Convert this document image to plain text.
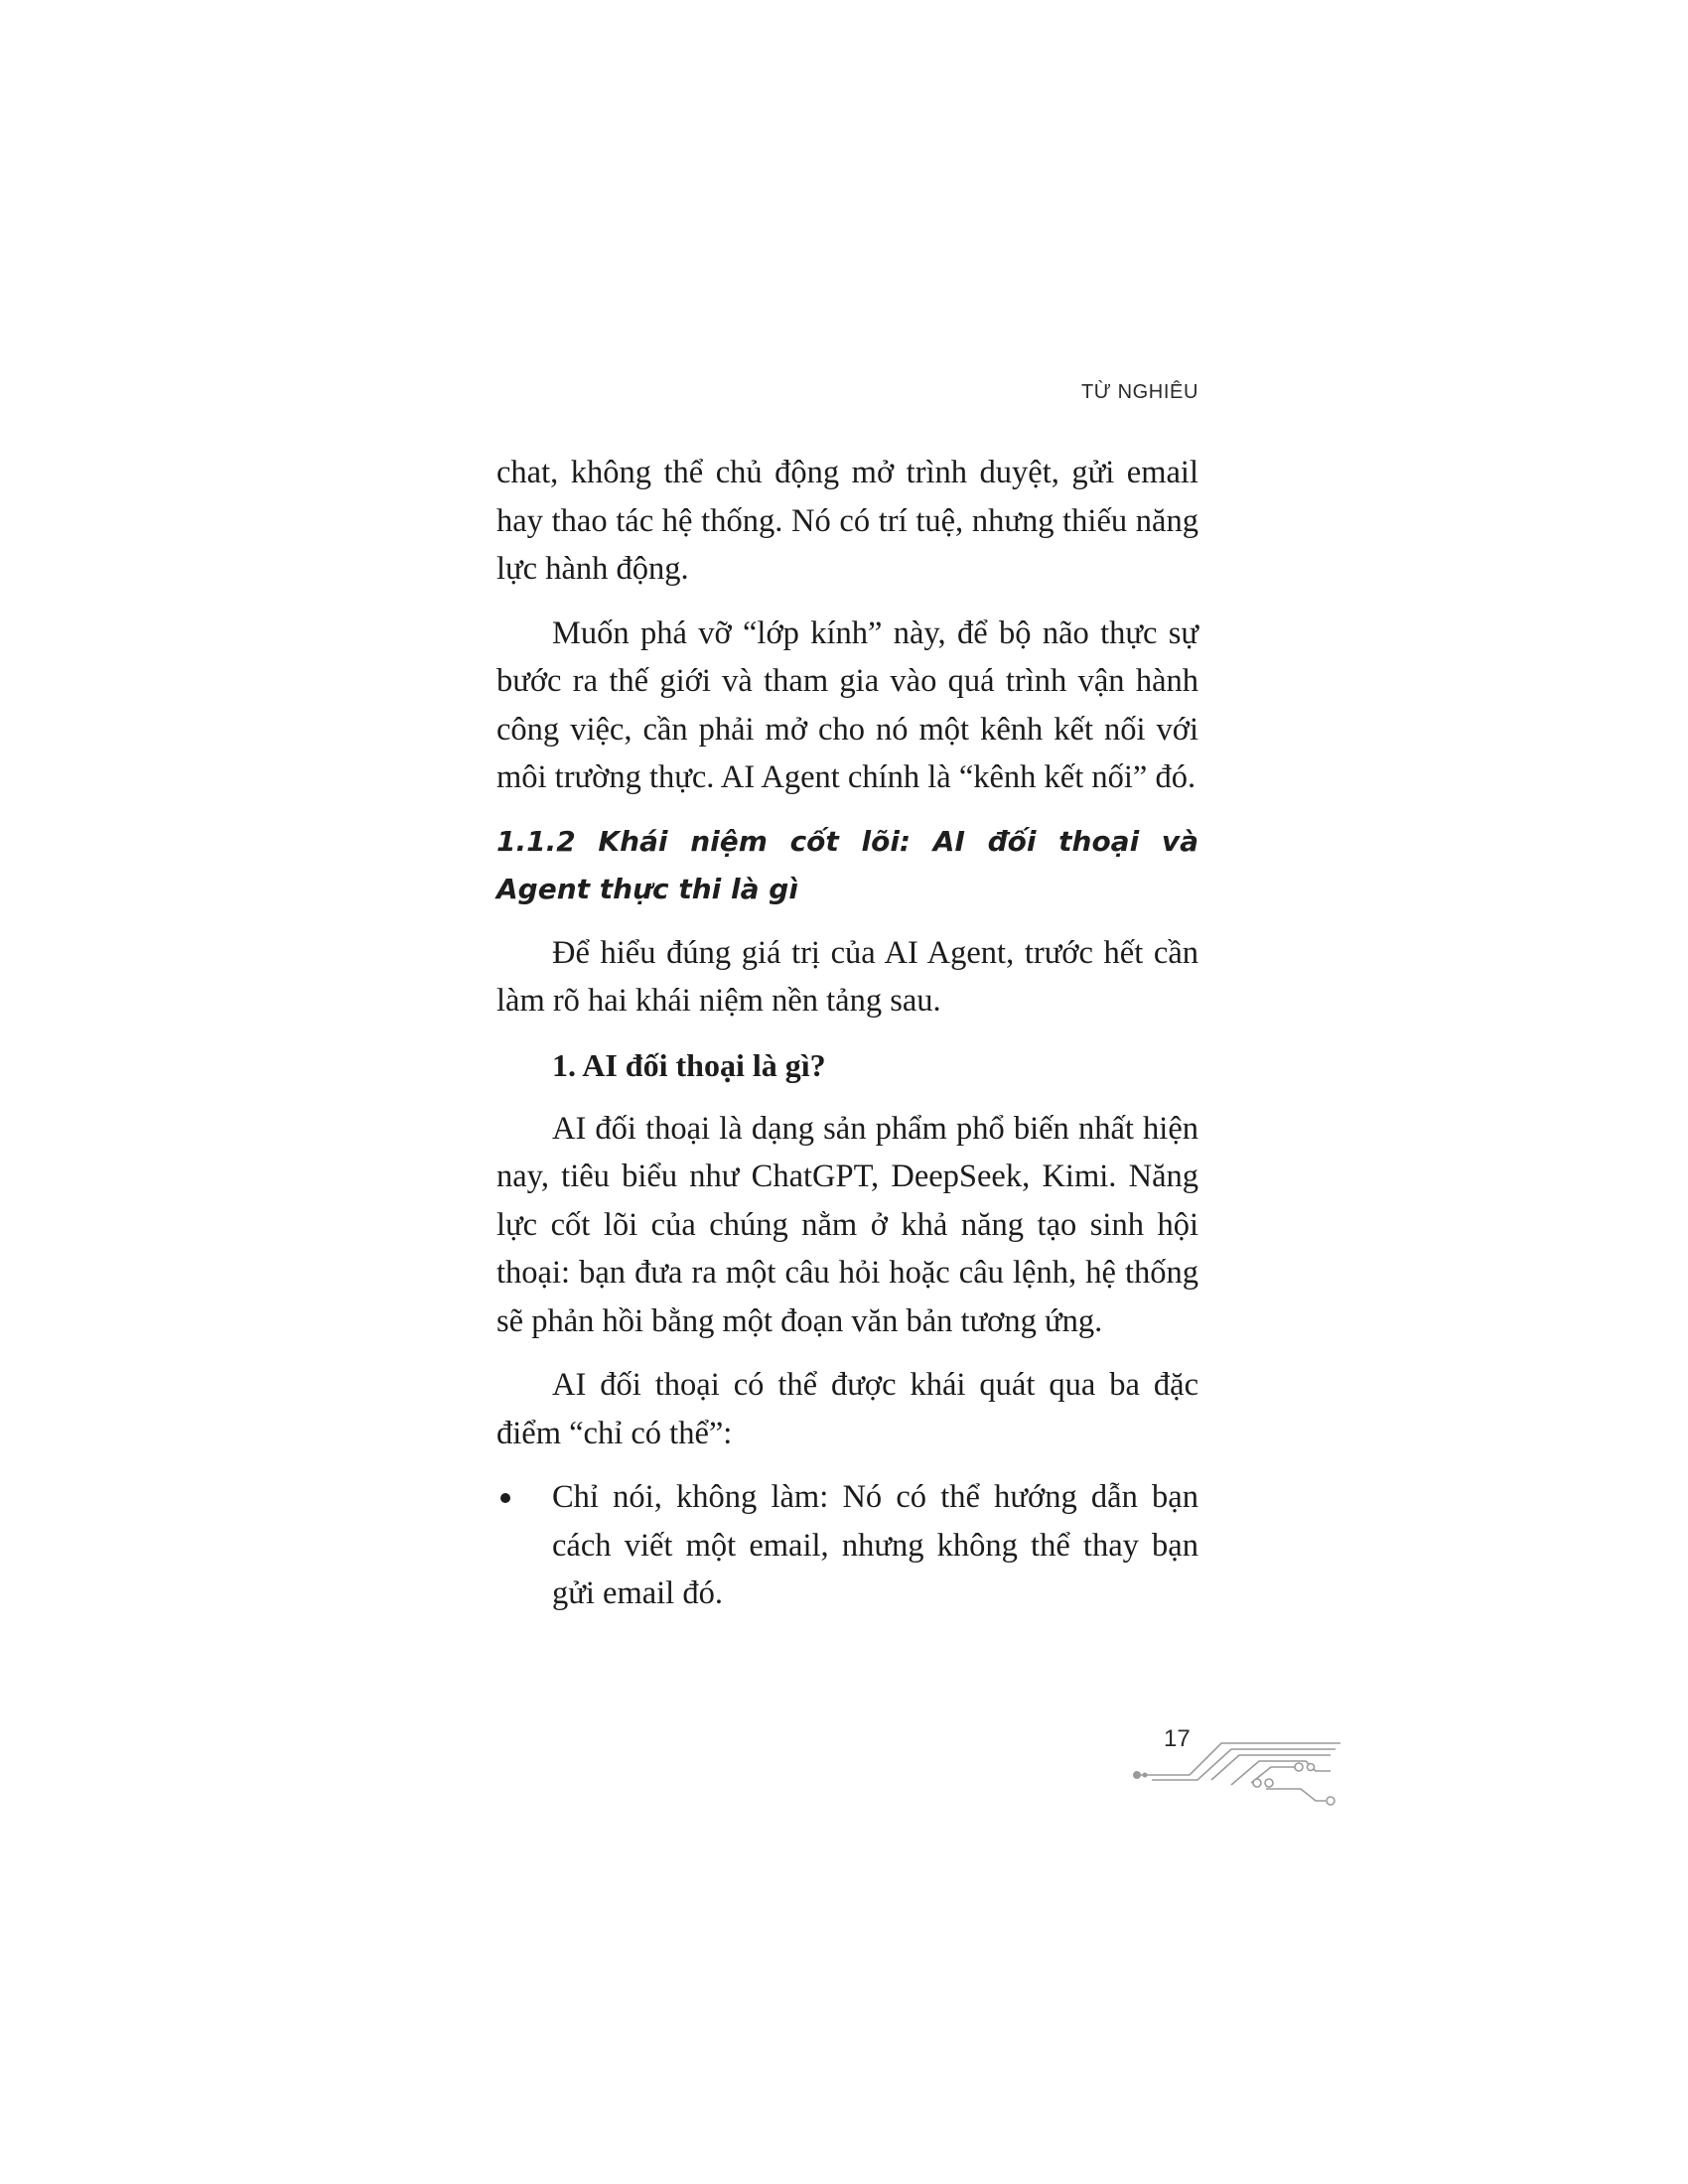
TỪ NGHIÊU

chat, không thể chủ động mở trình duyệt, gửi email hay thao tác hệ thống. Nó có trí tuệ, nhưng thiếu năng lực hành động.

Muốn phá vỡ “lớp kính” này, để bộ não thực sự bước ra thế giới và tham gia vào quá trình vận hành công việc, cần phải mở cho nó một kênh kết nối với môi trường thực. AI Agent chính là “kênh kết nối” đó.

1.1.2 Khái niệm cốt lõi: AI đối thoại và Agent thực thi là gì

Để hiểu đúng giá trị của AI Agent, trước hết cần làm rõ hai khái niệm nền tảng sau.

1. AI đối thoại là gì?

AI đối thoại là dạng sản phẩm phổ biến nhất hiện nay, tiêu biểu như ChatGPT, DeepSeek, Kimi. Năng lực cốt lõi của chúng nằm ở khả năng tạo sinh hội thoại: bạn đưa ra một câu hỏi hoặc câu lệnh, hệ thống sẽ phản hồi bằng một đoạn văn bản tương ứng.

AI đối thoại có thể được khái quát qua ba đặc điểm “chỉ có thể”:

Chỉ nói, không làm: Nó có thể hướng dẫn bạn cách viết một email, nhưng không thể thay bạn gửi email đó.
17
